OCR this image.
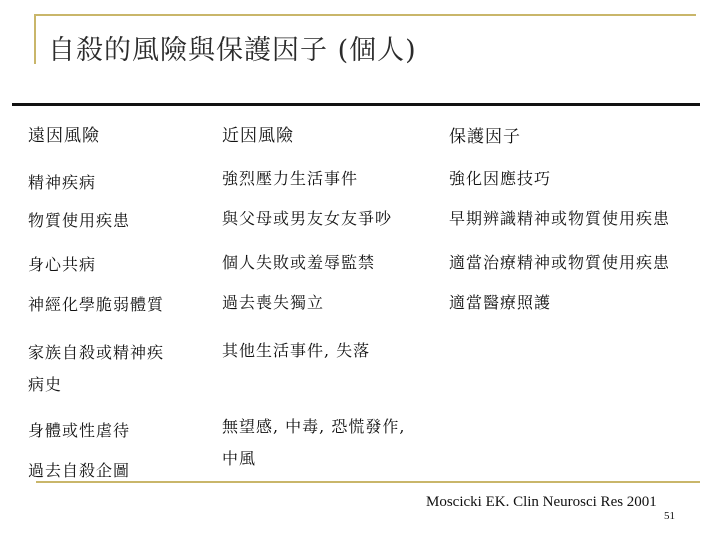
自殺的風險與保護因子 (個人)
遠因風險	近因風險	保護因子
精神疾病
物質使用疾患
身心共病
神經化學脆弱體質
家族自殺或精神疾
病史
身體或性虐待
過去自殺企圖
強烈壓力生活事件
與父母或男友女友爭吵
個人失敗或羞辱監禁
過去喪失獨立
其他生活事件, 失落
無望感, 中毒, 恐慌發作,
中風
強化因應技巧
早期辨識精神或物質使用疾患
適當治療精神或物質使用疾患
適當醫療照護
Moscicki EK. Clin Neurosci Res 2001
51
